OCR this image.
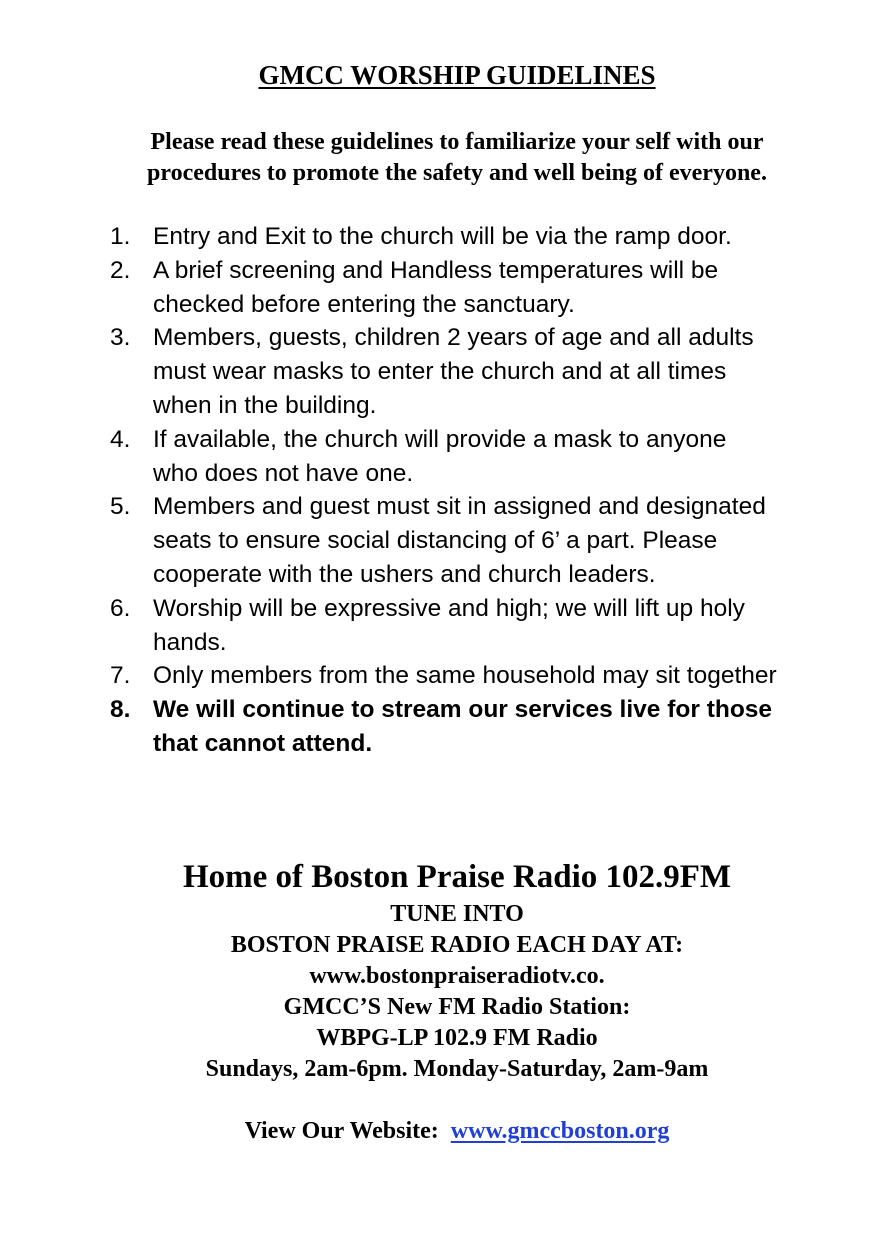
GMCC WORSHIP GUIDELINES
Please read these guidelines to familiarize your self with our
procedures to promote the safety and well being of everyone.
1. Entry and Exit to the church will be via the ramp door.
2. A brief screening and Handless temperatures will be
checked before entering the sanctuary.
3. Members, guests, children 2 years of age and all adults
must wear masks to enter the church and at all times
when in the building.
4. If available, the church will provide a mask to anyone
who does not have one.
5. Members and guest must sit in assigned and designated
seats to ensure social distancing of 6’ a part. Please
cooperate with the ushers and church leaders.
6. Worship will be expressive and high; we will lift up holy
hands.
7. Only members from the same household may sit together
8. We will continue to stream our services live for those
that cannot attend.
Home of Boston Praise Radio 102.9FM
TUNE INTO
BOSTON PRAISE RADIO EACH DAY AT:
www.bostonpraiseradiotv.co.
GMCC’S New FM Radio Station:
WBPG-LP 102.9 FM Radio
Sundays, 2am-6pm. Monday-Saturday, 2am-9am
View Our Website: www.gmccboston.org
